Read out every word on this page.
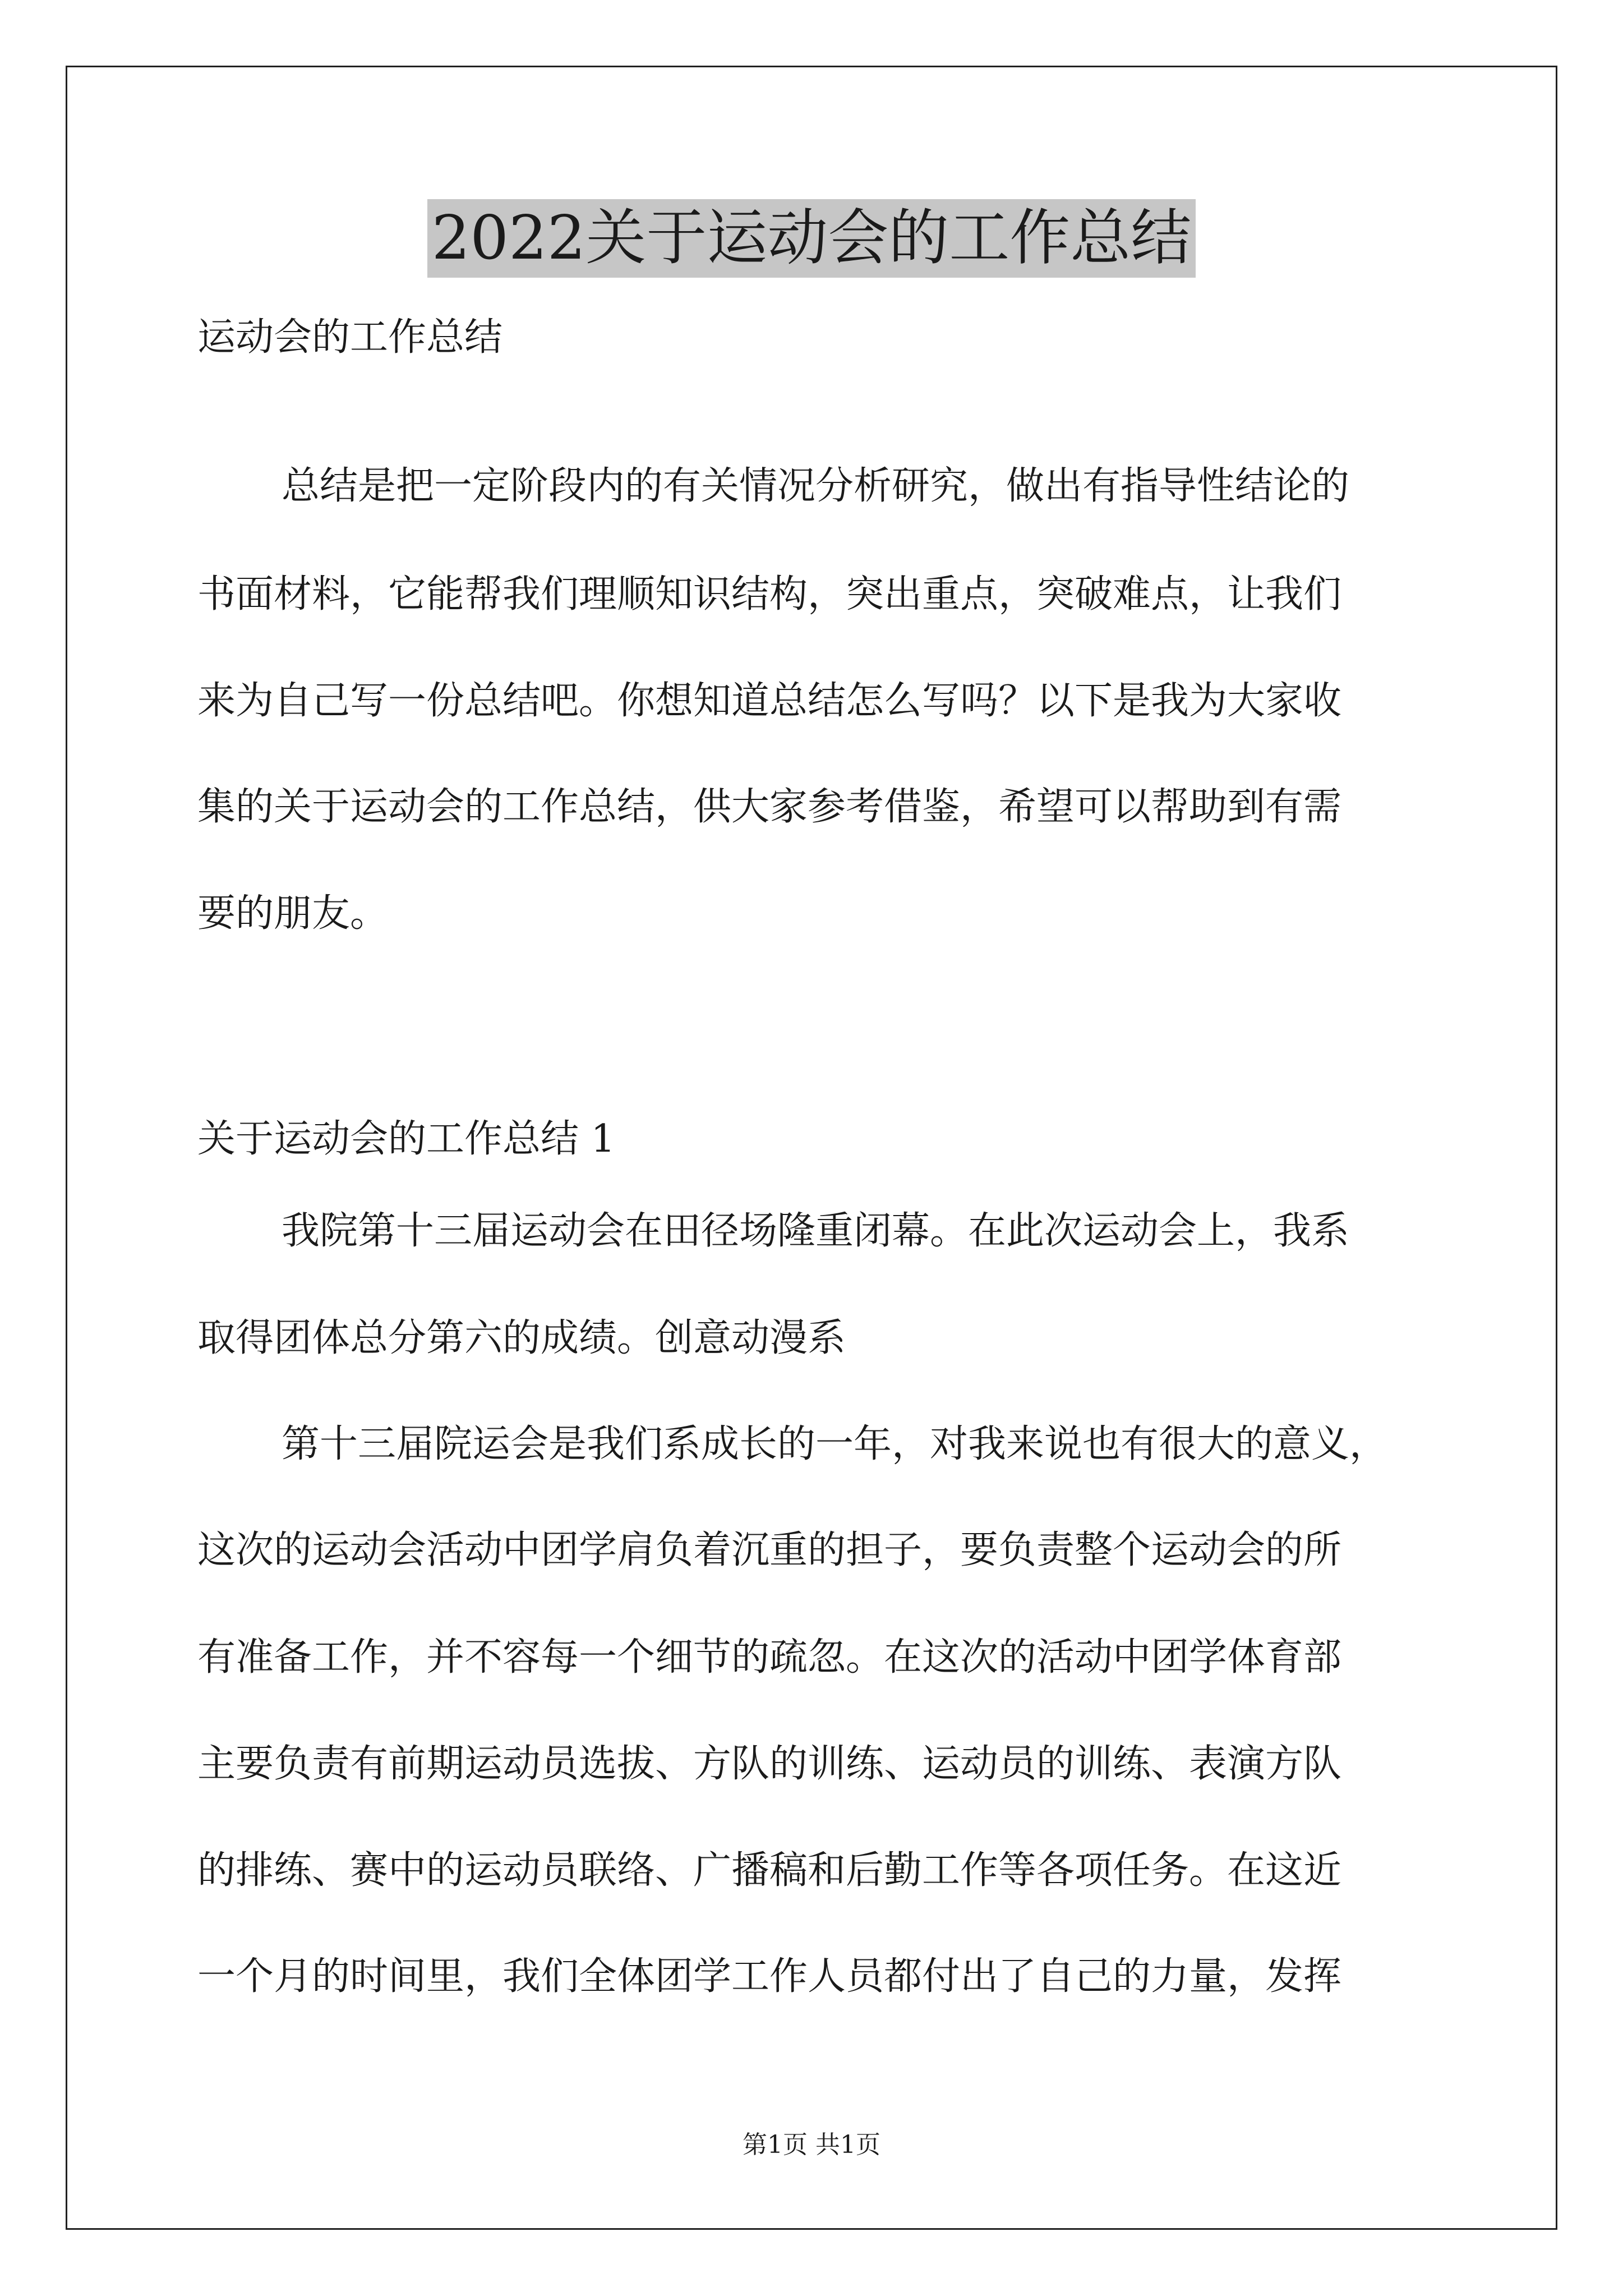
2022关于运动会的工作总结
运动会的工作总结
总结是把一定阶段内的有关情况分析研究，做出有指导性结论的
书面材料，它能帮我们理顺知识结构，突出重点，突破难点，让我们
来为自己写一份总结吧。你想知道总结怎么写吗？以下是我为大家收
集的关于运动会的工作总结，供大家参考借鉴，希望可以帮助到有需
要的朋友。
关于运动会的工作总结 1
我院第十三届运动会在田径场隆重闭幕。在此次运动会上，我系
取得团体总分第六的成绩。创意动漫系
第十三届院运会是我们系成长的一年，对我来说也有很大的意义，
这次的运动会活动中团学肩负着沉重的担子，要负责整个运动会的所
有准备工作，并不容每一个细节的疏忽。在这次的活动中团学体育部
主要负责有前期运动员选拔、方队的训练、运动员的训练、表演方队
的排练、赛中的运动员联络、广播稿和后勤工作等各项任务。在这近
一个月的时间里，我们全体团学工作人员都付出了自己的力量，发挥
第1页 共1页
